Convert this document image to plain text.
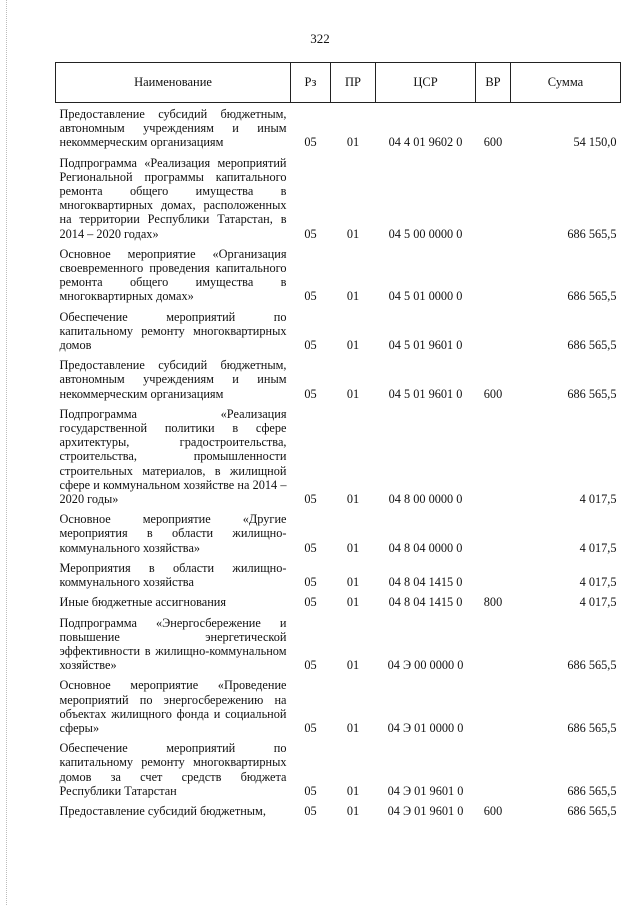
322
Наименование	Рз	ПР	ЦСР	ВР	Сумма
Предоставление субсидий бюджетным, автономным учреждениям и иным некоммерческим организациям	05	01	04 4 01 9602 0	600	54 150,0
Подпрограмма «Реализация мероприятий Региональной программы капитального ремонта общего имущества в многоквартирных домах, расположенных на территории Республики Татарстан, в 2014 – 2020 годах»	05	01	04 5 00 0000 0		686 565,5
Основное мероприятие «Организация своевременного проведения капитального ремонта общего имущества в многоквартирных домах»	05	01	04 5 01 0000 0		686 565,5
Обеспечение мероприятий по капитальному ремонту многоквартирных домов	05	01	04 5 01 9601 0		686 565,5
Предоставление субсидий бюджетным, автономным учреждениям и иным некоммерческим организациям	05	01	04 5 01 9601 0	600	686 565,5
Подпрограмма «Реализация государственной политики в сфере архитектуры, градостроительства, строительства, промышленности строительных материалов, в жилищной сфере и коммунальном хозяйстве на 2014 – 2020 годы»	05	01	04 8 00 0000 0		4 017,5
Основное мероприятие «Другие мероприятия в области жилищно-коммунального хозяйства»	05	01	04 8 04 0000 0		4 017,5
Мероприятия в области жилищно-коммунального хозяйства	05	01	04 8 04 1415 0		4 017,5
Иные бюджетные ассигнования	05	01	04 8 04 1415 0	800	4 017,5
Подпрограмма «Энергосбережение и повышение энергетической эффективности в жилищно-коммунальном хозяйстве»	05	01	04 Э 00 0000 0		686 565,5
Основное мероприятие «Проведение мероприятий по энергосбережению на объектах жилищного фонда и социальной сферы»	05	01	04 Э 01 0000 0		686 565,5
Обеспечение мероприятий по капитальному ремонту многоквартирных домов за счет средств бюджета Республики Татарстан	05	01	04 Э 01 9601 0		686 565,5
Предоставление субсидий бюджетным,	05	01	04 Э 01 9601 0	600	686 565,5
